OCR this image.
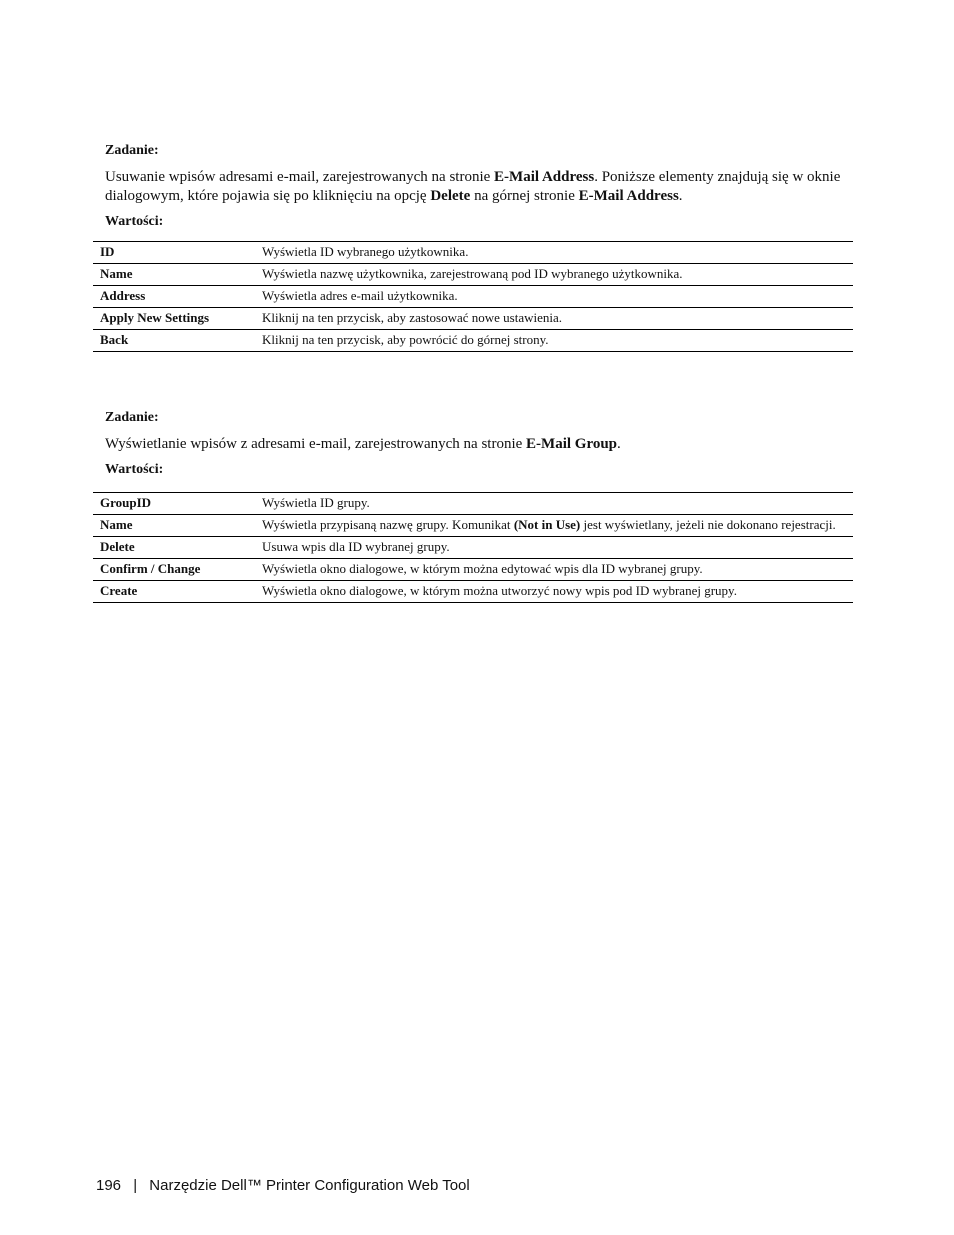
Zadanie:
Usuwanie wpisów adresami e-mail, zarejestrowanych na stronie E-Mail Address. Poniższe elementy znajdują się w oknie dialogowym, które pojawia się po kliknięciu na opcję Delete na górnej stronie E-Mail Address.
Wartości:
ID	Wyświetla ID wybranego użytkownika.
Name	Wyświetla nazwę użytkownika, zarejestrowaną pod ID wybranego użytkownika.
Address	Wyświetla adres e-mail użytkownika.
Apply New Settings	Kliknij na ten przycisk, aby zastosować nowe ustawienia.
Back	Kliknij na ten przycisk, aby powrócić do górnej strony.
Zadanie:
Wyświetlanie wpisów z adresami e-mail, zarejestrowanych na stronie E-Mail Group.
Wartości:
GroupID	Wyświetla ID grupy.
Name	Wyświetla przypisaną nazwę grupy. Komunikat (Not in Use) jest wyświetlany, jeżeli nie dokonano rejestracji.
Delete	Usuwa wpis dla ID wybranej grupy.
Confirm / Change	Wyświetla okno dialogowe, w którym można edytować wpis dla ID wybranej grupy.
Create	Wyświetla okno dialogowe, w którym można utworzyć nowy wpis pod ID wybranej grupy.
196 | Narzędzie Dell™ Printer Configuration Web Tool
